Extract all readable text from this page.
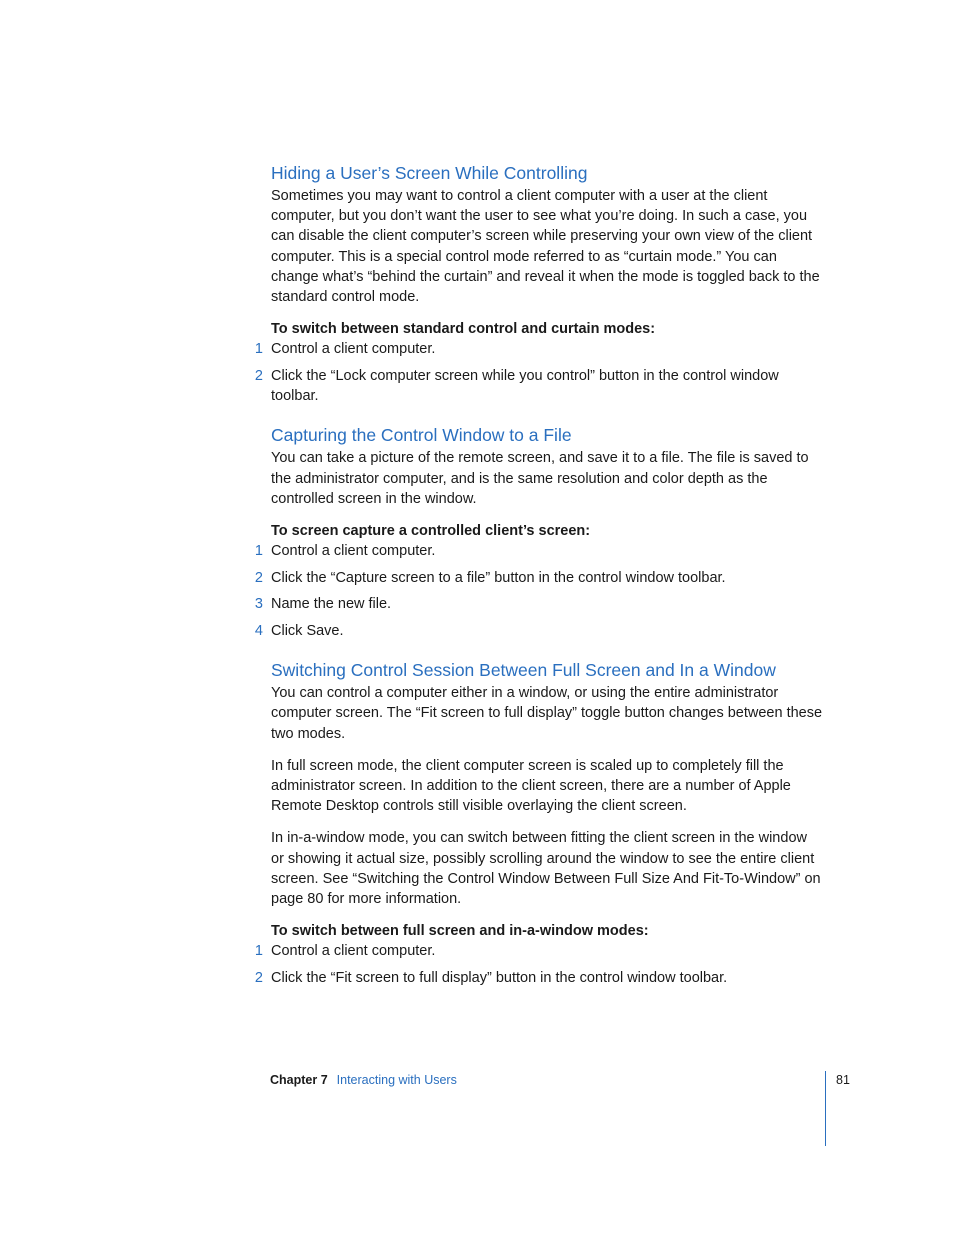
Hiding a User’s Screen While Controlling

Sometimes you may want to control a client computer with a user at the client computer, but you don’t want the user to see what you’re doing. In such a case, you can disable the client computer’s screen while preserving your own view of the client computer. This is a special control mode referred to as “curtain mode.” You can change what’s “behind the curtain” and reveal it when the mode is toggled back to the standard control mode.

To switch between standard control and curtain modes:
1 Control a client computer.
2 Click the “Lock computer screen while you control” button in the control window toolbar.
Capturing the Control Window to a File

You can take a picture of the remote screen, and save it to a file. The file is saved to the administrator computer, and is the same resolution and color depth as the controlled screen in the window.

To screen capture a controlled client’s screen:
1 Control a client computer.
2 Click the “Capture screen to a file” button in the control window toolbar.
3 Name the new file.
4 Click Save.
Switching Control Session Between Full Screen and In a Window

You can control a computer either in a window, or using the entire administrator computer screen. The “Fit screen to full display” toggle button changes between these two modes.

In full screen mode, the client computer screen is scaled up to completely fill the administrator screen. In addition to the client screen, there are a number of Apple Remote Desktop controls still visible overlaying the client screen.

In in-a-window mode, you can switch between fitting the client screen in the window or showing it actual size, possibly scrolling around the window to see the entire client screen. See “Switching the Control Window Between Full Size And Fit-To-Window” on page 80 for more information.

To switch between full screen and in-a-window modes:
1 Control a client computer.
2 Click the “Fit screen to full display” button in the control window toolbar.
Chapter 7 Interacting with Users	81
